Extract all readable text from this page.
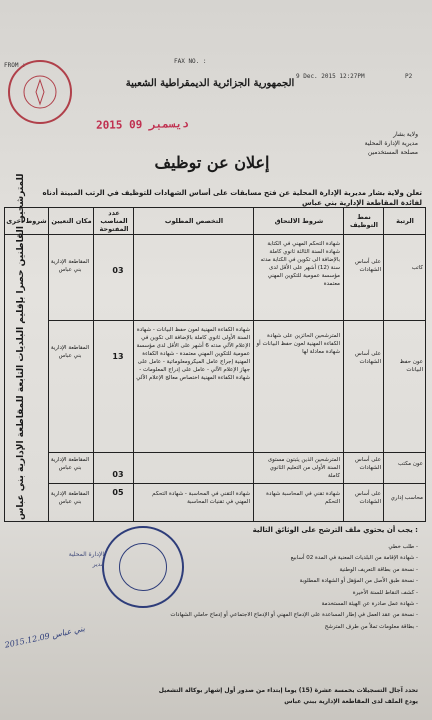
FROM :
FAX NO. :
9 Dec. 2015 12:27PM	P2
2015 09 ديسمبر
الجمهورية الجزائرية الديمقراطية الشعبية
ولاية بشار
مديرية الإدارة المحلية
مصلحة المستخدمين
إعلان عن توظيف
تعلن ولاية بشار مديرية الإدارة المحلية عن فتح مسابقات على أساس الشهادات للتوظيف في الرتب المبينة أدناه
لفائدة المقاطعة الإدارية بني عباس
الرتبة
نمط التوظيف
شروط الالتحاق
التخصص المطلوب
عدد المناصب المفتوحة
مكان التعيين
شروط أخرى
كاتب
على أساس الشهادات
شهادة التحكم المهني في الكتابة شهادة السنة الثالثة ثانوي كاملة بالإضافة الى تكوين في الكتابة مدته سنة (12) أشهر على الأقل لدى مؤسسة عمومية للتكوين المهني معتمدة
03
المقاطعة الإدارية بني عباس
عون حفظ البيانات
على أساس الشهادات
المترشحين الحائزين على شهادة الكفاءة المهنية لعون حفظ البيانات أو شهادة معادلة لها
شهادة الكفاءة المهنية لعون حفظ البيانات - شهادة السنة الأولى ثانوي كاملة بالإضافة الى تكوين في الإعلام الآلي مدته 6 أشهر على الأقل لدى مؤسسة عمومية للتكوين المهني معتمدة - شهادة الكفاءة المهنية إجراج عامل الميكرومعلوماتية - عامل على جهاز الإعلام الآلي - عامل على إدراج المعلومات - شهادة الكفاءة المهنية اختصاص معالج الإعلام الآلي
13
المقاطعة الإدارية بني عباس
عون مكتب
على أساس الشهادات
المترشحين الذين يثبتون مستوى السنة الأولى من التعليم الثانوي كاملة
03
المقاطعة الإدارية بني عباس
محاسب إداري
على أساس الشهادات
شهادة تقني في المحاسبة شهادة التحكم
شهادة التقني في المحاسبة - شهادة التحكم المهني في تقنيات المحاسبة
05
المقاطعة الإدارية بني عباس
للمترشحين القاطنين حصرا بإقليم البلديات التابعة للمقاطعة الإدارية بني عباس
يجب أن يحتوي ملف الترشح على الوثائق التالية :
- طلب خطي
- شهادة الإقامة من البلديات المعنية في المدة 02 أسابيع
- نسخة من بطاقة التعريف الوطنية
- نسخة طبق الأصل من المؤهل أو الشهادة المطلوبة
- كشف النقاط للسنة الأخيرة
- شهادة عمل صادرة عن الهيئة المستخدمة
- نسخة من عقد العمل في إطار المساعدة على الإدماج المهني أو الإدماج الاجتماعي أو إدماج حاملي الشهادات
- بطاقة معلومات تملأ من طرف المترشح
الإدارة المحلية
مدير
2015.12.09 بني عباس
تحدد آجال التسجيلات بخمسة عشرة (15) يوما إبتداء من صدور أول إشهار بوكالة التشغيل
يودع الملف لدى المقاطعة الإدارية ببني عباس
